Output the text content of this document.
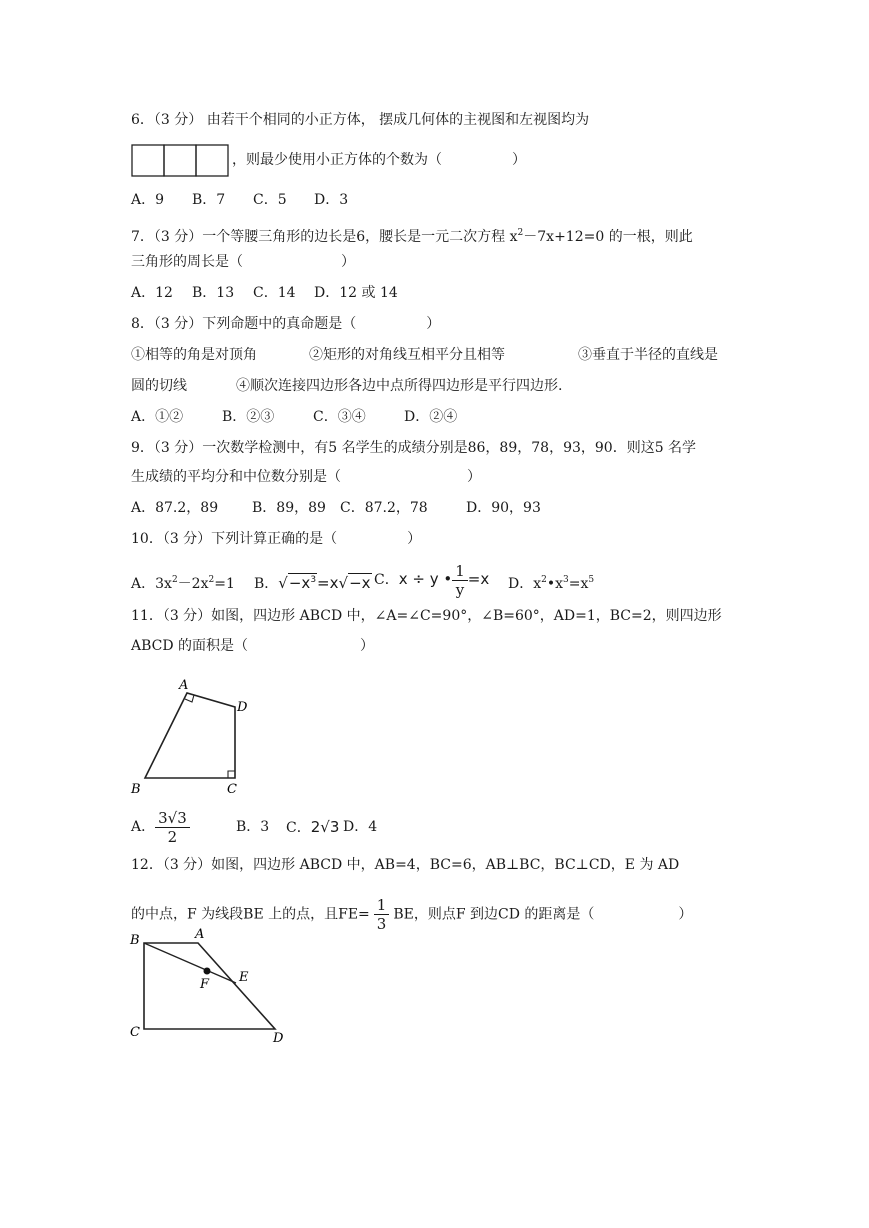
6．（3 分） 由若干个相同的小正方体， 摆成几何体的主视图和左视图均为
，则最少使用小正方体的个数为（　　　　　）
A．9 B．7 C．5 D．3
7．（3 分）一个等腰三角形的边长是6，腰长是一元二次方程 $x^2-7x+12=0$ 的一根，则此
三角形的周长是（　　　　　　　）
A．12 B．13 C．14 D．12 或 14
8．（3 分）下列命题中的真命题是（　　　　　）
①相等的角是对顶角	②矩形的对角线互相平分且相等	③垂直于半径的直线是
圆的切线	④顺次连接四边形各边中点所得四边形是平行四边形.
A．①②	B．②③	C．③④	D．②④
9．（3 分）一次数学检测中，有5 名学生的成绩分别是86，89，78，93，90．则这5 名学
生成绩的平均分和中位数分别是（　　　　　　　　　）
A．87.2，89 B．89，89 C．87.2，78	D．90，93
10．（3 分）下列计算正确的是（　　　　　）
A．$3x^2-2x^2=1$ B．$√-x^3=x√-x$ C．x ÷ y • $\frac{1}{y} =x$ D．$x^2•x^3=x^5$
11．（3 分）如图，四边形 ABCD 中，∠A=∠C=90°，∠B=60°，AD=1，BC=2，则四边形
ABCD 的面积是（　　　　　　　　）
A
D
B	C
A． $\frac{3√3}{2}$	B．3 C．2√3 D．4
12．（3 分）如图，四边形 ABCD 中，AB=4，BC=6，AB⊥BC，BC⊥CD，E 为 AD
的中点，F 为线段BE 上的点，且$FE= \frac{1}{3}$ BE，则点F 到边CD 的距离是（　　　　　　）
B	A
E
F
C	D
